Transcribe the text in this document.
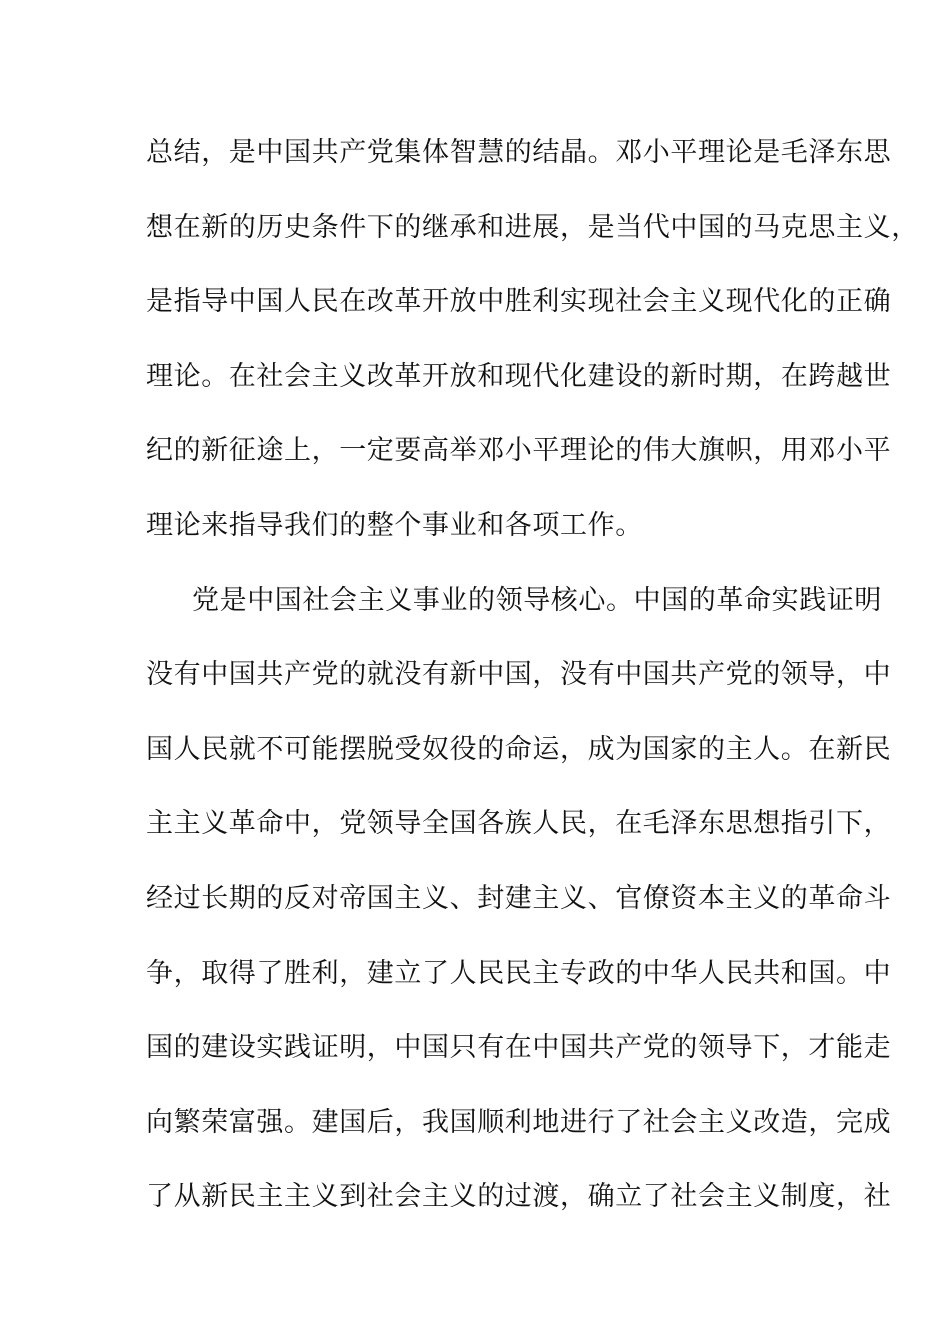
总结，是中国共产党集体智慧的结晶。邓小平理论是毛泽东思
想在新的历史条件下的继承和进展，是当代中国的马克思主义，
是指导中国人民在改革开放中胜利实现社会主义现代化的正确
理论。在社会主义改革开放和现代化建设的新时期，在跨越世
纪的新征途上，一定要高举邓小平理论的伟大旗帜，用邓小平
理论来指导我们的整个事业和各项工作。
党是中国社会主义事业的领导核心。中国的革命实践证明
没有中国共产党的就没有新中国，没有中国共产党的领导，中
国人民就不可能摆脱受奴役的命运，成为国家的主人。在新民
主主义革命中，党领导全国各族人民，在毛泽东思想指引下，
经过长期的反对帝国主义、封建主义、官僚资本主义的革命斗
争，取得了胜利，建立了人民民主专政的中华人民共和国。中
国的建设实践证明，中国只有在中国共产党的领导下，才能走
向繁荣富强。建国后，我国顺利地进行了社会主义改造，完成
了从新民主主义到社会主义的过渡，确立了社会主义制度，社
